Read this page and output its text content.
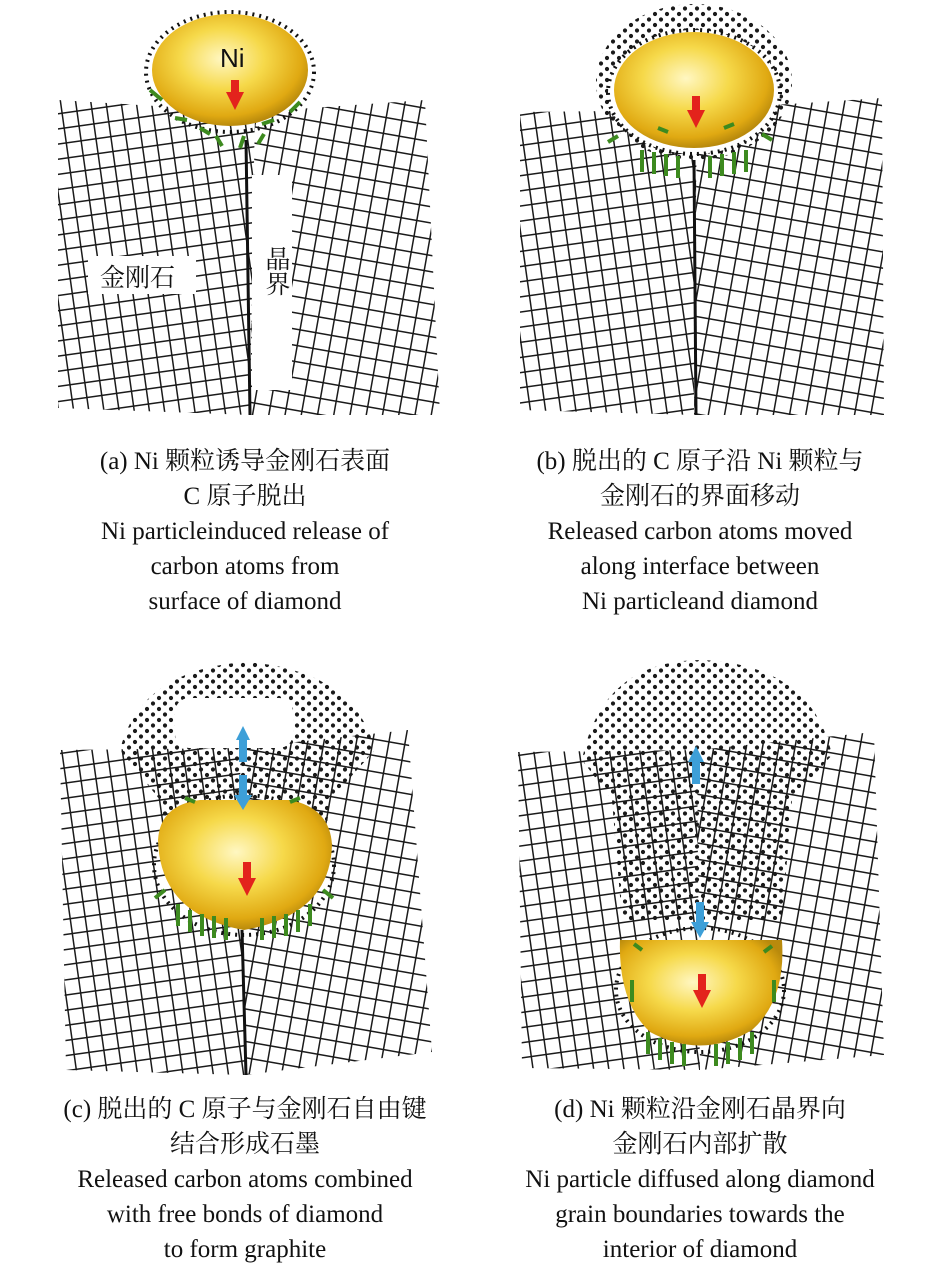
金刚石	晶界
Ni
(a) Ni 颗粒诱导金刚石表面
C 原子脱出
Ni particleinduced release of
carbon atoms from
surface of diamond
(b) 脱出的 C 原子沿 Ni 颗粒与
金刚石的界面移动
Released carbon atoms moved
along interface between
Ni particleand diamond
(c) 脱出的 C 原子与金刚石自由键
结合形成石墨
Released carbon atoms combined
with free bonds of diamond
to form graphite
(d) Ni 颗粒沿金刚石晶界向
金刚石内部扩散
Ni particle diffused along diamond
grain boundaries towards the
interior of diamond
